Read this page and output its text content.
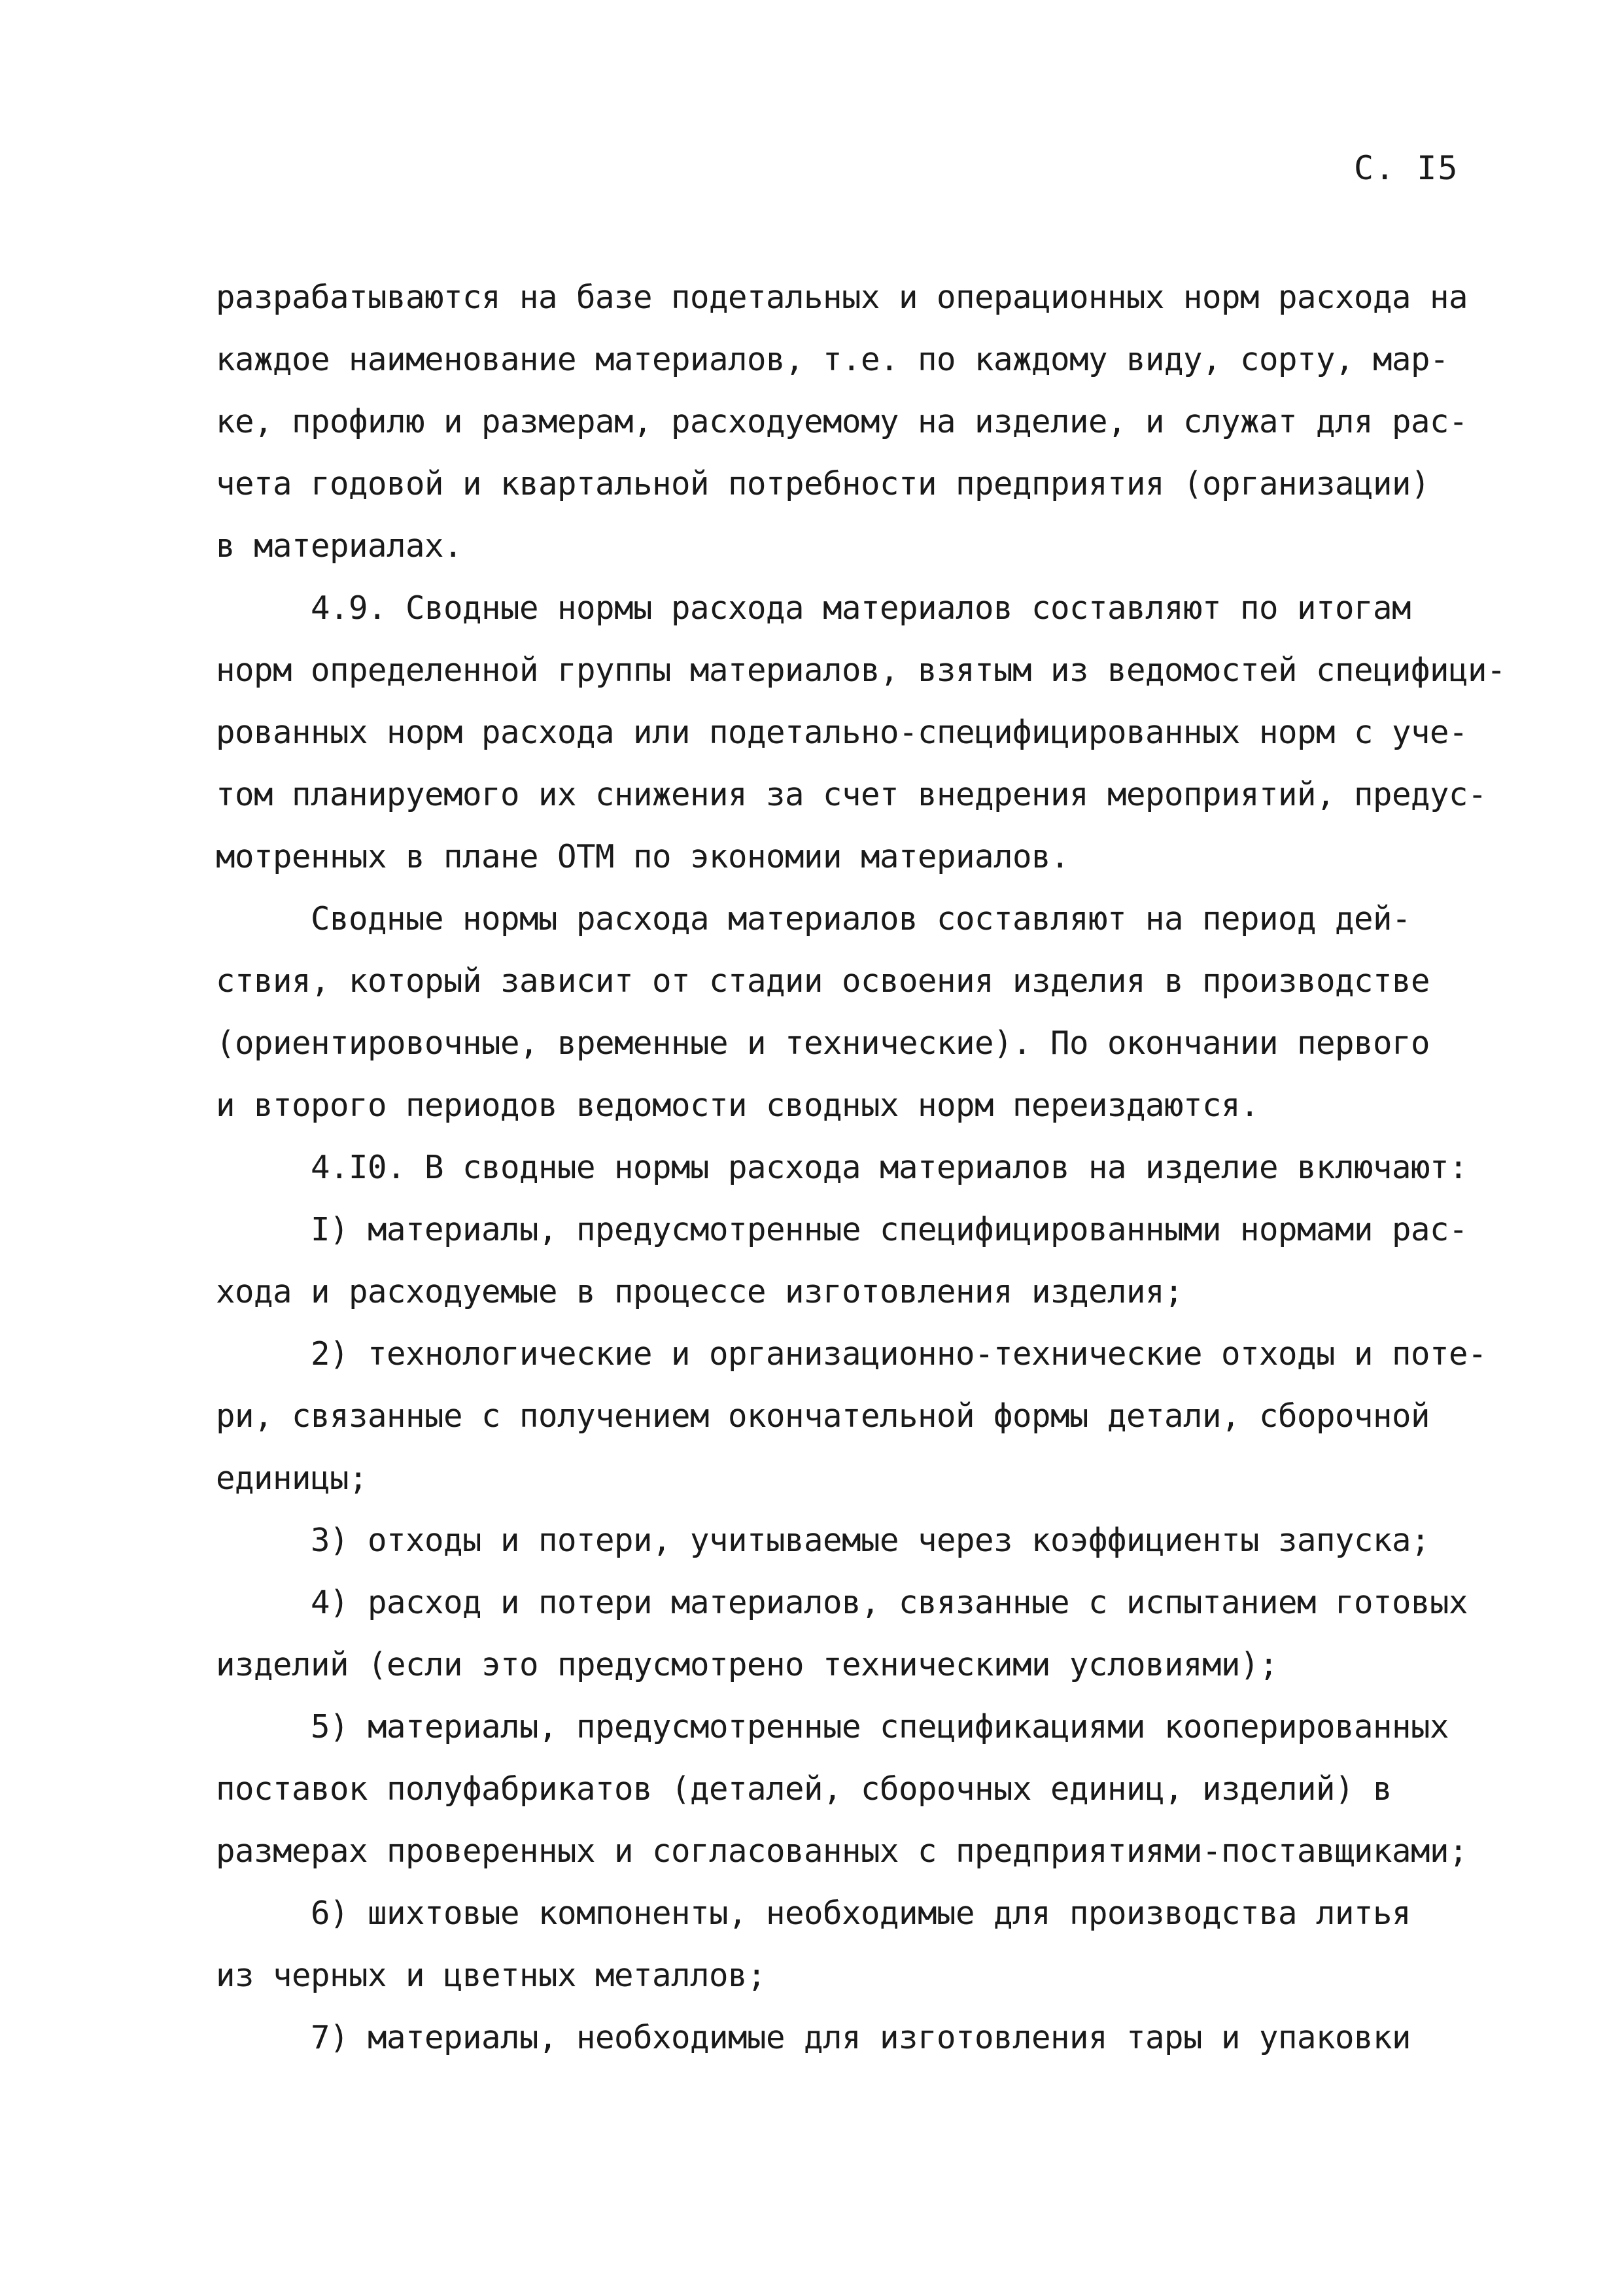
С. I5
разрабатываются на базе подетальных и операционных норм расхода на
каждое наименование материалов, т.е. по каждому виду, сорту, мар-
ке, профилю и размерам, расходуемому на изделие, и служат для рас-
чета годовой и квартальной потребности предприятия (организации)
в материалах.
4.9. Сводные нормы расхода материалов составляют по итогам
норм определенной группы материалов, взятым из ведомостей специфици-
рованных норм расхода или подетально-специфицированных норм с уче-
том планируемого их снижения за счет внедрения мероприятий, предус-
мотренных в плане ОТМ по экономии материалов.
Сводные нормы расхода материалов составляют на период дей-
ствия, который зависит от стадии освоения изделия в производстве
(ориентировочные, временные и технические). По окончании первого
и второго периодов ведомости сводных норм переиздаются.
4.I0. В сводные нормы расхода материалов на изделие включают:
I) материалы, предусмотренные специфицированными нормами рас-
хода и расходуемые в процессе изготовления изделия;
2) технологические и организационно-технические отходы и поте-
ри, связанные с получением окончательной формы детали, сборочной
единицы;
3) отходы и потери, учитываемые через коэффициенты запуска;
4) расход и потери материалов, связанные с испытанием готовых
изделий (если это предусмотрено техническими условиями);
5) материалы, предусмотренные спецификациями кооперированных
поставок полуфабрикатов (деталей, сборочных единиц, изделий) в
размерах проверенных и согласованных с предприятиями-поставщиками;
6) шихтовые компоненты, необходимые для производства литья
из черных и цветных металлов;
7) материалы, необходимые для изготовления тары и упаковки
